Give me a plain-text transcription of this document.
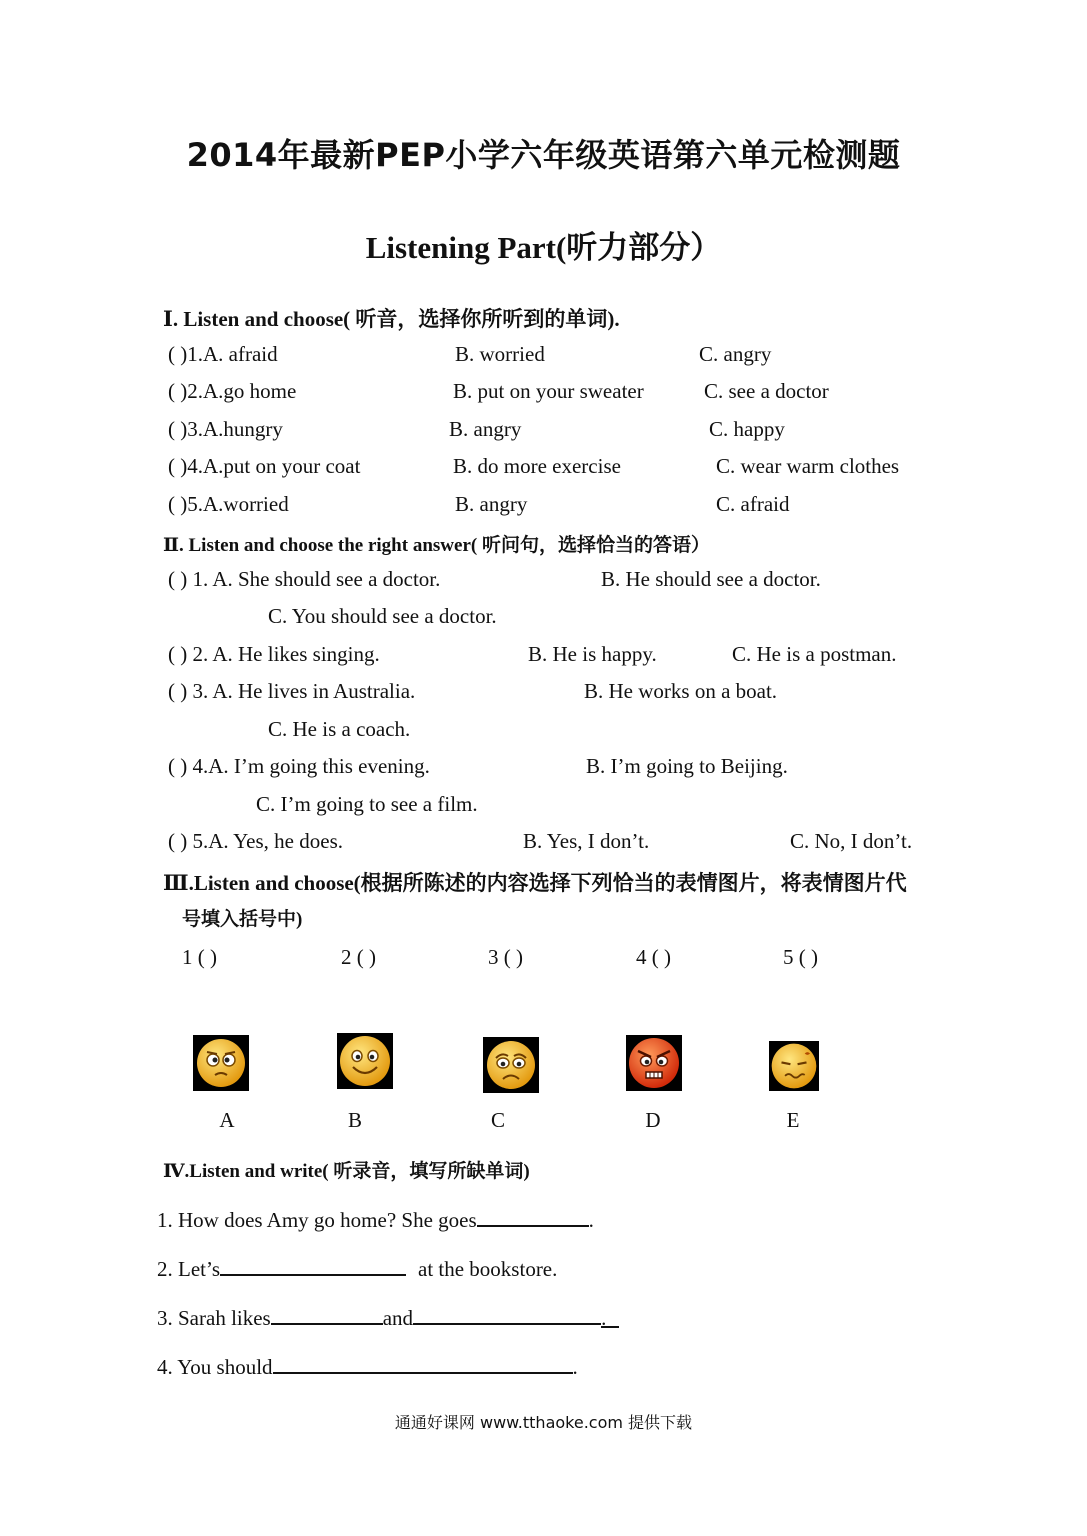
2014年最新PEP小学六年级英语第六单元检测题
Listening Part(听力部分）
Ⅰ. Listen and choose( 听音，选择你所听到的单词).
( )1.A. afraid	B. worried	C. angry
( )2.A.go home	B. put on your sweater	C. see a doctor
( )3.A.hungry	B. angry	C. happy
( )4.A.put on your coat	B. do more exercise	C. wear warm clothes
( )5.A.worried	B. angry	C. afraid
Ⅱ. Listen and choose the right answer( 听问句，选择恰当的答语）
( ) 1. A. She should see a doctor.	B. He should see a doctor.
C. You should see a doctor.
( ) 2. A. He likes singing.	B. He is happy.	C. He is a postman.
( ) 3. A. He lives in Australia.	B. He works on a boat.
C. He is a coach.
( ) 4.A. I’m going this evening.	B. I’m going to Beijing.
C. I’m going to see a film.
( ) 5.A. Yes, he does.	B. Yes, I don’t.	C. No, I don’t.
Ⅲ.Listen and choose(根据所陈述的内容选择下列恰当的表情图片，将表情图片代
号填入括号中)
1 ( )	2 ( )	3 ( )	4 ( )	5 ( )
A	B	C	D	E
Ⅳ.Listen and write( 听录音，填写所缺单词)
1. How does Amy go home? She goes	.
2. Let’s	at the bookstore.
3. Sarah likes	and	.
4. You should	.
通通好课网 www.tthaoke.com 提供下载
